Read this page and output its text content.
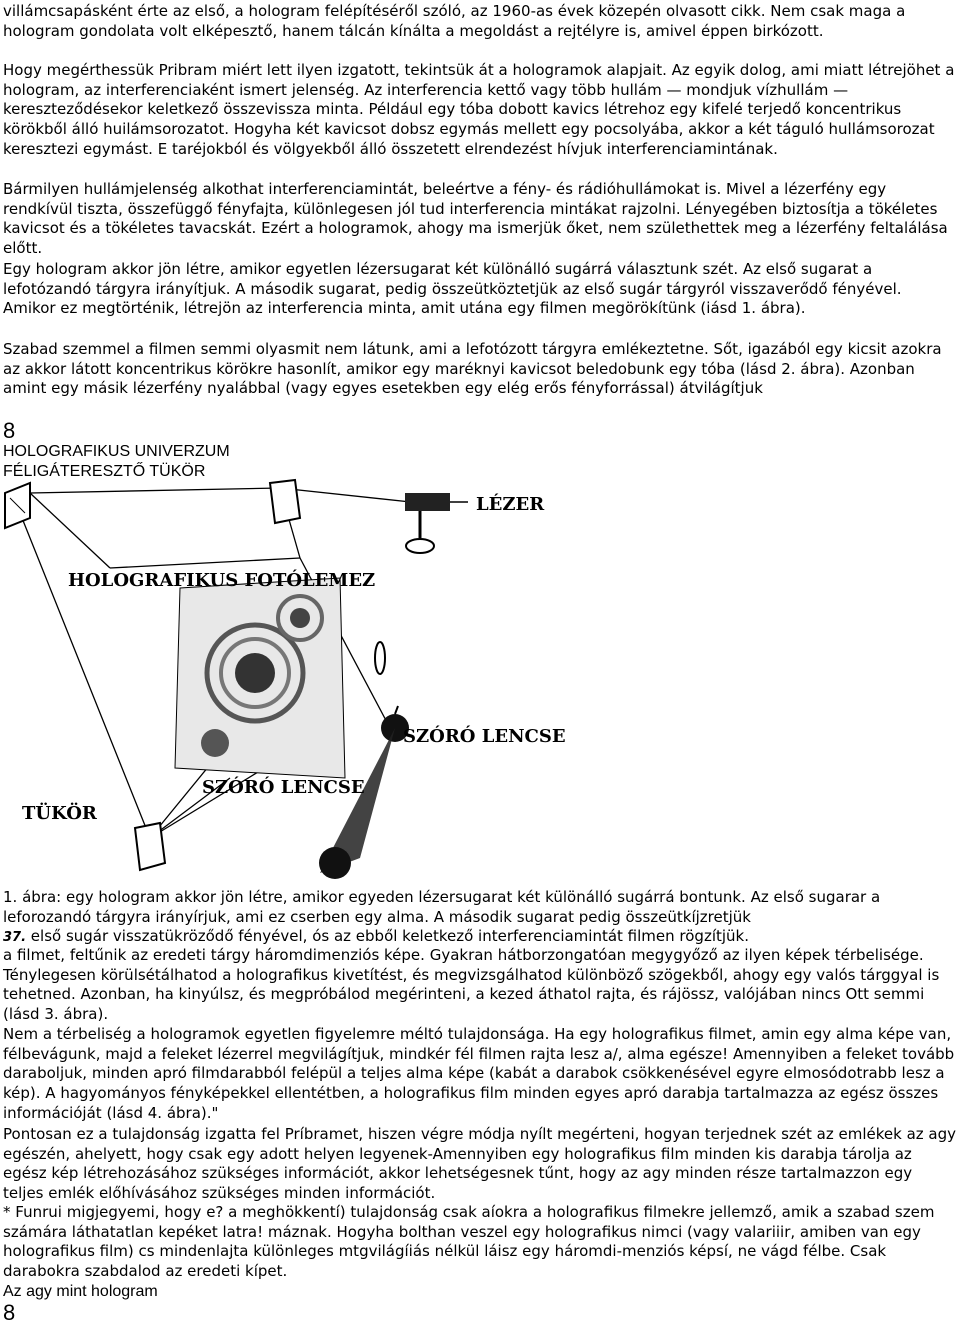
villámcsapásként érte az első, a hologram felépítéséről szóló, az 1960-as évek közepén olvasott cikk. Nem csak maga a hologram gondolata volt elképesztő, hanem tálcán kínálta a megoldást a rejtélyre is, amivel éppen birkózott.

Hogy megérthessük Pribram miért lett ilyen izgatott, tekintsük át a hologramok alapjait. Az egyik dolog, ami miatt létrejöhet a hologram, az interferenciaként ismert jelenség. Az interferencia kettő vagy több hullám — mondjuk vízhullám — kereszteződésekor keletkező összevissza minta. Például egy tóba dobott kavics létrehoz egy kifelé terjedő koncentrikus körökből álló huilámsorozatot. Hogyha két kavicsot dobsz egymás mellett egy pocsolyába, akkor a két táguló hullámsorozat keresztezi egymást. E taréjokból és völgyekből álló összetett elrendezést hívjuk interferenciamintának.

Bármilyen hullámjelenség alkothat interferenciamintát, beleértve a fény- és rádióhullámokat is. Mivel a lézerfény egy rendkívül tiszta, összefüggő fényfajta, különlegesen jól tud interferencia mintákat rajzolni. Lényegében biztosítja a tökéletes kavicsot és a tökéletes tavacskát. Ezért a hologramok, ahogy ma ismerjük őket, nem születhettek meg a lézerfény feltalálása előtt.

Egy hologram akkor jön létre, amikor egyetlen lézersugarat két különálló sugárrá választunk szét. Az első sugarat a lefotózandó tárgyra irányítjuk. A második sugarat, pedig összeütköztetjük az első sugár tárgyról visszaverődő fényével. Amikor ez megtörténik, létrejön az interferencia minta, amit utána egy filmen megörökítünk (iásd 1. ábra).

Szabad szemmel a filmen semmi olyasmit nem látunk, ami a lefotózott tárgyra emlékeztetne. Sőt, igazából egy kicsit azokra az akkor látott koncentrikus körökre hasonlít, amikor egy maréknyi kavicsot beledobunk egy tóba (lásd 2. ábra). Azonban amint egy másik lézerfény nyalábbal (vagy egyes esetekben egy elég erős fényforrással) átvilágítjuk

8
HOLOGRAFIKUS UNIVERZUM
FÉLIGÁTERESZTŐ TÜKÖR
LÉZER
HOLOGRAFIKUS FOTÓLEMEZ
SZÓRÓ LENCSE
SZÓRÓ LENCSE
TÜKÖR

1. ábra: egy hologram akkor jön létre, amikor egyeden lézersugarat két különálló sugárrá bontunk. Az első sugarar a leforozandó tárgyra irányírjuk, ami ez cserben egy alma. A második sugarat pedig összeütkíjzretjük
37. első sugár visszatükröződő fényével, ós az ebből keletkező interferenciamintát filmen rögzítjük.

a filmet, feltűnik az eredeti tárgy háromdimenziós képe. Gyakran hátborzongatóan megygyőző az ilyen képek térbelisége. Ténylegesen körülsétálhatod a holografikus kivetítést, és megvizsgálhatod különböző szögekből, ahogy egy valós tárggyal is tehetned. Azonban, ha kinyúlsz, és megpróbálod megérinteni, a kezed áthatol rajta, és rájössz, valójában nincs Ott semmi (lásd 3. ábra).

Nem a térbeliség a hologramok egyetlen figyelemre méltó tulajdonsága. Ha egy holografikus filmet, amin egy alma képe van, félbevágunk, majd a feleket lézerrel megvilágítjuk, mindkér fél filmen rajta lesz a/, alma egésze! Amennyiben a feleket tovább daraboljuk, minden apró filmdarabból felépül a teljes alma képe (kabát a darabok csökkenésével egyre elmosódotrabb lesz a kép). A hagyományos fényképekkel ellentétben, a holografikus film minden egyes apró darabja tartalmazza az egész összes információját (lásd 4. ábra)."

Pontosan ez a tulajdonság izgatta fel Príbramet, hiszen végre módja nyílt megérteni, hogyan terjednek szét az emlékek az agy egészén, ahelyett, hogy csak egy adott helyen legyenek-Amennyiben egy holografikus film minden kis darabja tárolja az egész kép létrehozásához szükséges információt, akkor lehetségesnek tűnt, hogy az agy minden része tartalmazzon egy teljes emlék előhívásához szükséges minden információt.

* Funrui migjegyemi, hogy e? a meghökkentí) tulajdonság csak aíokra a holografikus filmekre jellemző, amik a szabad szem számára láthatatlan kepéket latra! máznak. Hogyha bolthan veszel egy holografikus nimci (vagy valariiir, amiben van egy holografikus film) cs mindenlajta különleges mtgvilágíiás nélkül láisz egy háromdi-menziós képsí, ne vágd félbe. Csak darabokra szabdalod az eredeti kípet.

Az agy mint hologram
8
